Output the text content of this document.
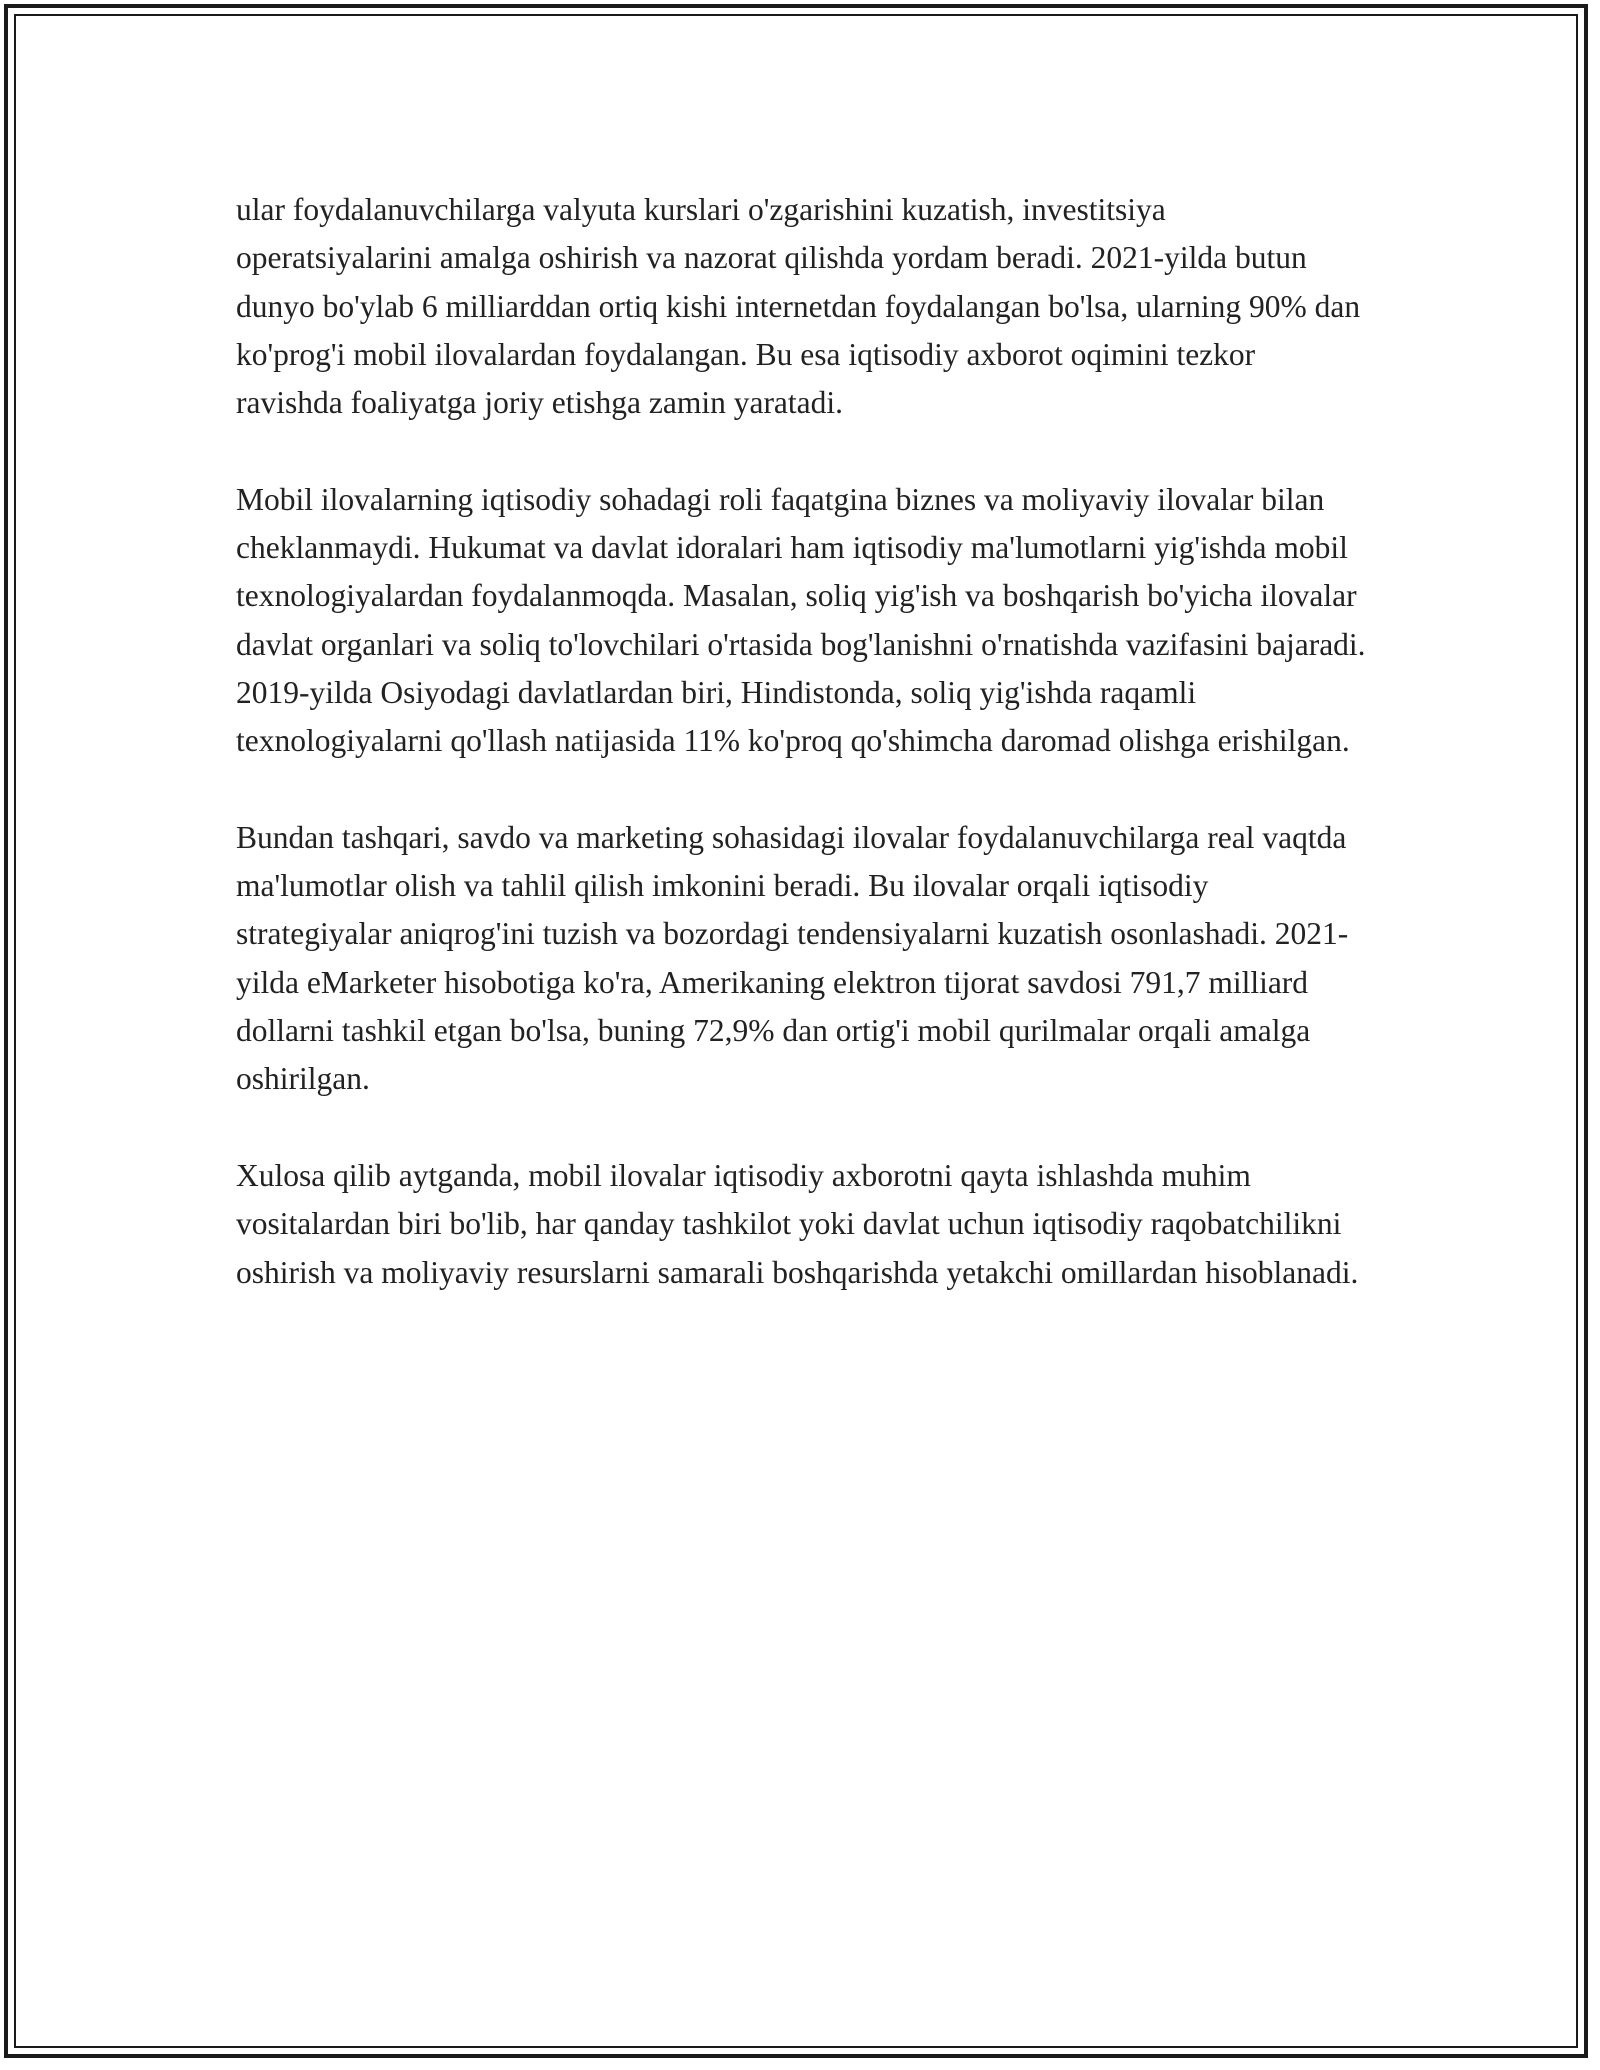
ular foydalanuvchilarga valyuta kurslari o'zgarishini kuzatish, investitsiya operatsiyalarini amalga oshirish va nazorat qilishda yordam beradi. 2021-yilda butun dunyo bo'ylab 6 milliarddan ortiq kishi internetdan foydalangan bo'lsa, ularning 90% dan ko'prog'i mobil ilovalardan foydalangan. Bu esa iqtisodiy axborot oqimini tezkor ravishda foaliyatga joriy etishga zamin yaratadi.

Mobil ilovalarning iqtisodiy sohadagi roli faqatgina biznes va moliyaviy ilovalar bilan cheklanmaydi. Hukumat va davlat idoralari ham iqtisodiy ma'lumotlarni yig'ishda mobil texnologiyalardan foydalanmoqda. Masalan, soliq yig'ish va boshqarish bo'yicha ilovalar davlat organlari va soliq to'lovchilari o'rtasida bog'lanishni o'rnatishda vazifasini bajaradi. 2019-yilda Osiyodagi davlatlardan biri, Hindistonda, soliq yig'ishda raqamli texnologiyalarni qo'llash natijasida 11% ko'proq qo'shimcha daromad olishga erishilgan.

Bundan tashqari, savdo va marketing sohasidagi ilovalar foydalanuvchilarga real vaqtda ma'lumotlar olish va tahlil qilish imkonini beradi. Bu ilovalar orqali iqtisodiy strategiyalar aniqrog'ini tuzish va bozordagi tendensiyalarni kuzatish osonlashadi. 2021-yilda eMarketer hisobotiga ko'ra, Amerikaning elektron tijorat savdosi 791,7 milliard dollarni tashkil etgan bo'lsa, buning 72,9% dan ortig'i mobil qurilmalar orqali amalga oshirilgan.

Xulosa qilib aytganda, mobil ilovalar iqtisodiy axborotni qayta ishlashda muhim vositalardan biri bo'lib, har qanday tashkilot yoki davlat uchun iqtisodiy raqobatchilikni oshirish va moliyaviy resurslarni samarali boshqarishda yetakchi omillardan hisoblanadi.
